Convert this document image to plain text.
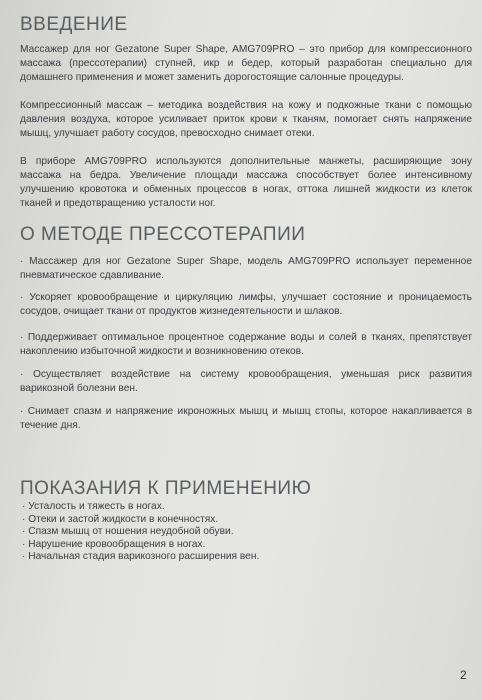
ВВЕДЕНИЕ

Массажер для ног Gezatone Super Shape, AMG709PRO – это прибор для компрессионного массажа (прессотерапии) ступней, икр и бедер, который разработан специально для домашнего применения и может заменить дорогостоящие салонные процедуры.

Компрессионный массаж – методика воздействия на кожу и подкожные ткани с помощью давления воздуха, которое усиливает приток крови к тканям, помогает снять напряжение мышц, улучшает работу сосудов, превосходно снимает отеки.

В приборе AMG709PRO используются дополнительные манжеты, расширяющие зону массажа на бедра. Увеличение площади массажа способствует более интенсивному улучшению кровотока и обменных процессов в ногах, оттока лишней жидкости из клеток тканей и предотвращению усталости ног.

О МЕТОДЕ ПРЕССОТЕРАПИИ

· Массажер для ног Gezatone Super Shape, модель AMG709PRO использует переменное пневматическое сдавливание.

· Ускоряет кровообращение и циркуляцию лимфы, улучшает состояние и проницаемость сосудов, очищает ткани от продуктов жизнедеятельности и шлаков.

· Поддерживает оптимальное процентное содержание воды и солей в тканях, препятствует накоплению избыточной жидкости и возникновению отеков.

· Осуществляет воздействие на систему кровообращения, уменьшая риск развития варикозной болезни вен.

· Снимает спазм и напряжение икроножных мышц и мышц стопы, которое накапливается в течение дня.

ПОКАЗАНИЯ К ПРИМЕНЕНИЮ
· Усталость и тяжесть в ногах.
· Отеки и застой жидкости в конечностях.
· Спазм мышц от ношения неудобной обуви.
· Нарушение кровообращения в ногах.
· Начальная стадия варикозного расширения вен.
2
